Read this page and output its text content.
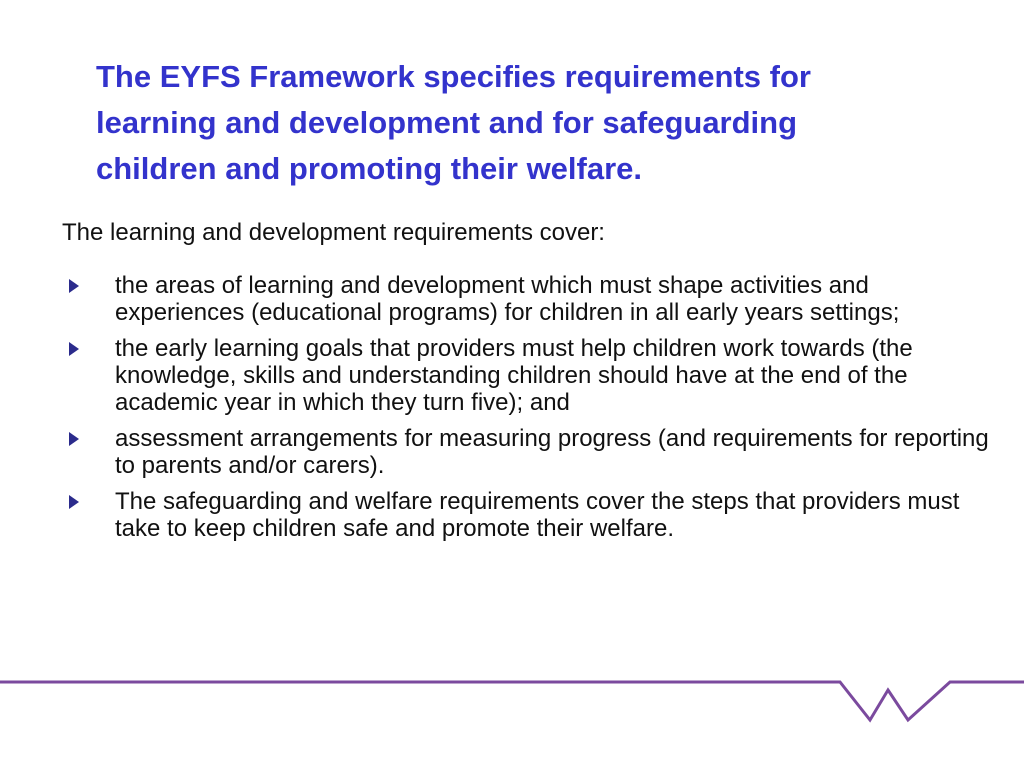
The EYFS Framework specifies requirements for learning and development and for safeguarding children and promoting their welfare.

The learning and development requirements cover:

the areas of learning and development which must shape activities and experiences (educational programs) for children in all early years settings;
the early learning goals that providers must help children work towards (the knowledge, skills and understanding children should have at the end of the academic year in which they turn five); and
assessment arrangements for measuring progress (and requirements for reporting to parents and/or carers).
The safeguarding and welfare requirements cover the steps that providers must take to keep children safe and promote their welfare.
